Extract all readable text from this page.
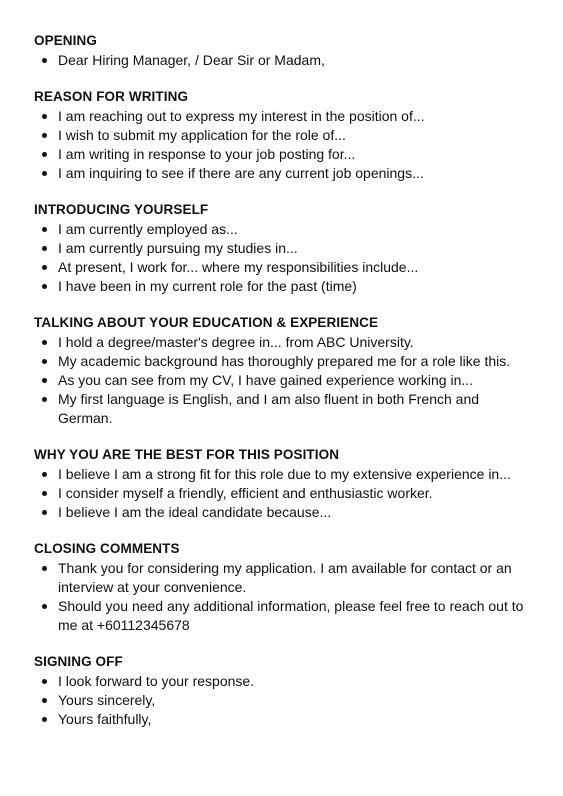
OPENING
Dear Hiring Manager, / Dear Sir or Madam,
REASON FOR WRITING
I am reaching out to express my interest in the position of...
I wish to submit my application for the role of...
I am writing in response to your job posting for...
I am inquiring to see if there are any current job openings...
INTRODUCING YOURSELF
I am currently employed as...
I am currently pursuing my studies in...
At present, I work for... where my responsibilities include...
I have been in my current role for the past (time)
TALKING ABOUT YOUR EDUCATION & EXPERIENCE
I hold a degree/master's degree in... from ABC University.
My academic background has thoroughly prepared me for a role like this.
As you can see from my CV, I have gained experience working in...
My first language is English, and I am also fluent in both French and German.
WHY YOU ARE THE BEST FOR THIS POSITION
I believe I am a strong fit for this role due to my extensive experience in...
I consider myself a friendly, efficient and enthusiastic worker.
I believe I am the ideal candidate because...
CLOSING COMMENTS
Thank you for considering my application. I am available for contact or an interview at your convenience.
Should you need any additional information, please feel free to reach out to me at +60112345678
SIGNING OFF
I look forward to your response.
Yours sincerely,
Yours faithfully,
